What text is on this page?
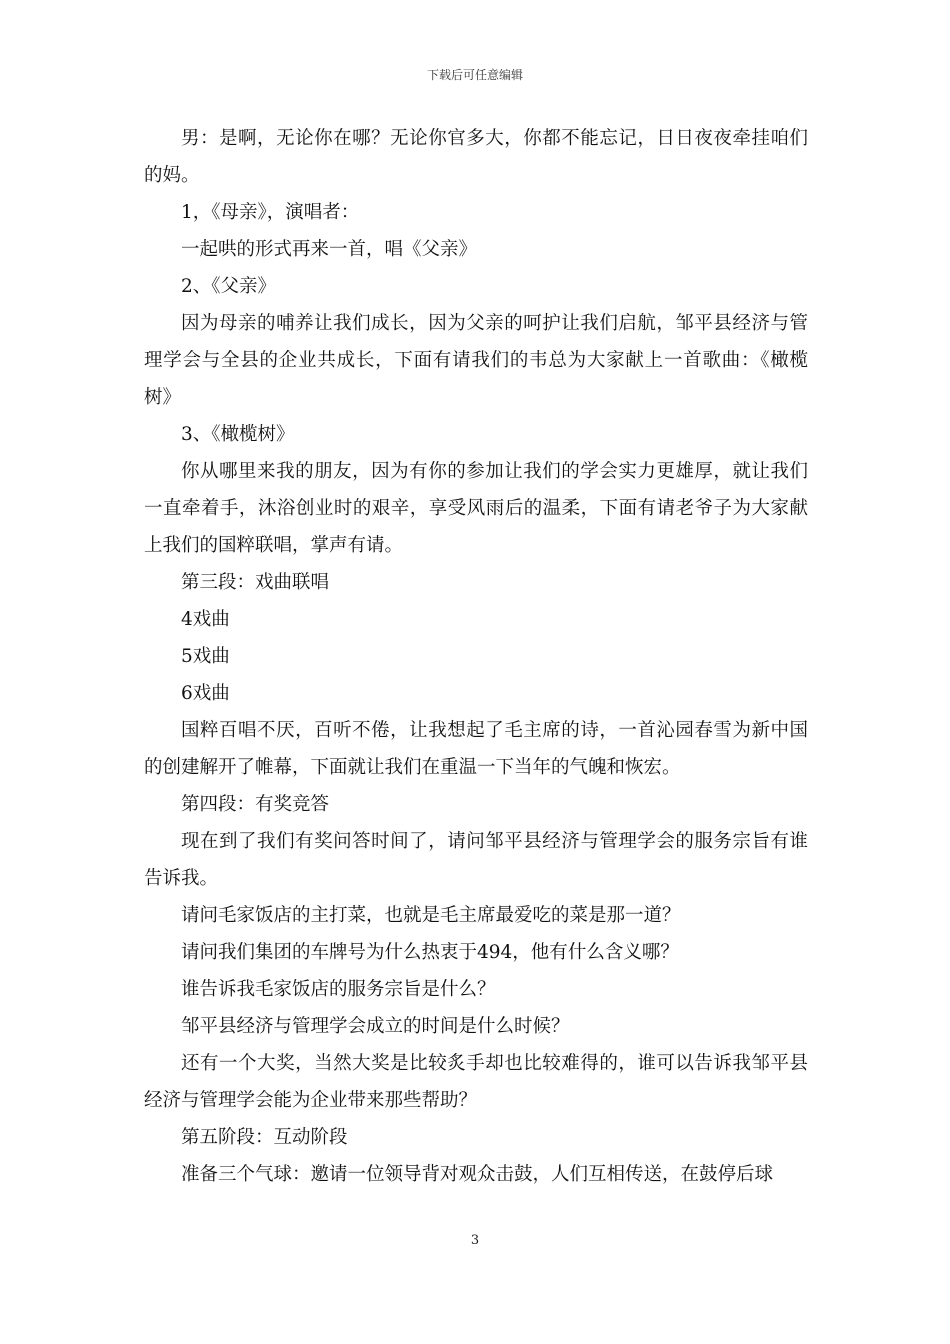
下载后可任意编辑

男：是啊，无论你在哪？无论你官多大，你都不能忘记，日日夜夜牵挂咱们的妈。

1，《母亲》，演唱者：

一起哄的形式再来一首，唱《父亲》

2、《父亲》

因为母亲的哺养让我们成长，因为父亲的呵护让我们启航，邹平县经济与管理学会与全县的企业共成长，下面有请我们的韦总为大家献上一首歌曲：《橄榄树》

3、《橄榄树》

你从哪里来我的朋友，因为有你的参加让我们的学会实力更雄厚，就让我们一直牵着手，沐浴创业时的艰辛，享受风雨后的温柔，下面有请老爷子为大家献上我们的国粹联唱，掌声有请。

第三段：戏曲联唱

4戏曲

5戏曲

6戏曲

国粹百唱不厌，百听不倦，让我想起了毛主席的诗，一首沁园春雪为新中国的创建解开了帷幕，下面就让我们在重温一下当年的气魄和恢宏。

第四段：有奖竞答

现在到了我们有奖问答时间了，请问邹平县经济与管理学会的服务宗旨有谁告诉我。

请问毛家饭店的主打菜，也就是毛主席最爱吃的菜是那一道？

请问我们集团的车牌号为什么热衷于494，他有什么含义哪？

谁告诉我毛家饭店的服务宗旨是什么？

邹平县经济与管理学会成立的时间是什么时候？

还有一个大奖，当然大奖是比较炙手却也比较难得的，谁可以告诉我邹平县经济与管理学会能为企业带来那些帮助？

第五阶段：互动阶段

准备三个气球：邀请一位领导背对观众击鼓，人们互相传送，在鼓停后球

3
